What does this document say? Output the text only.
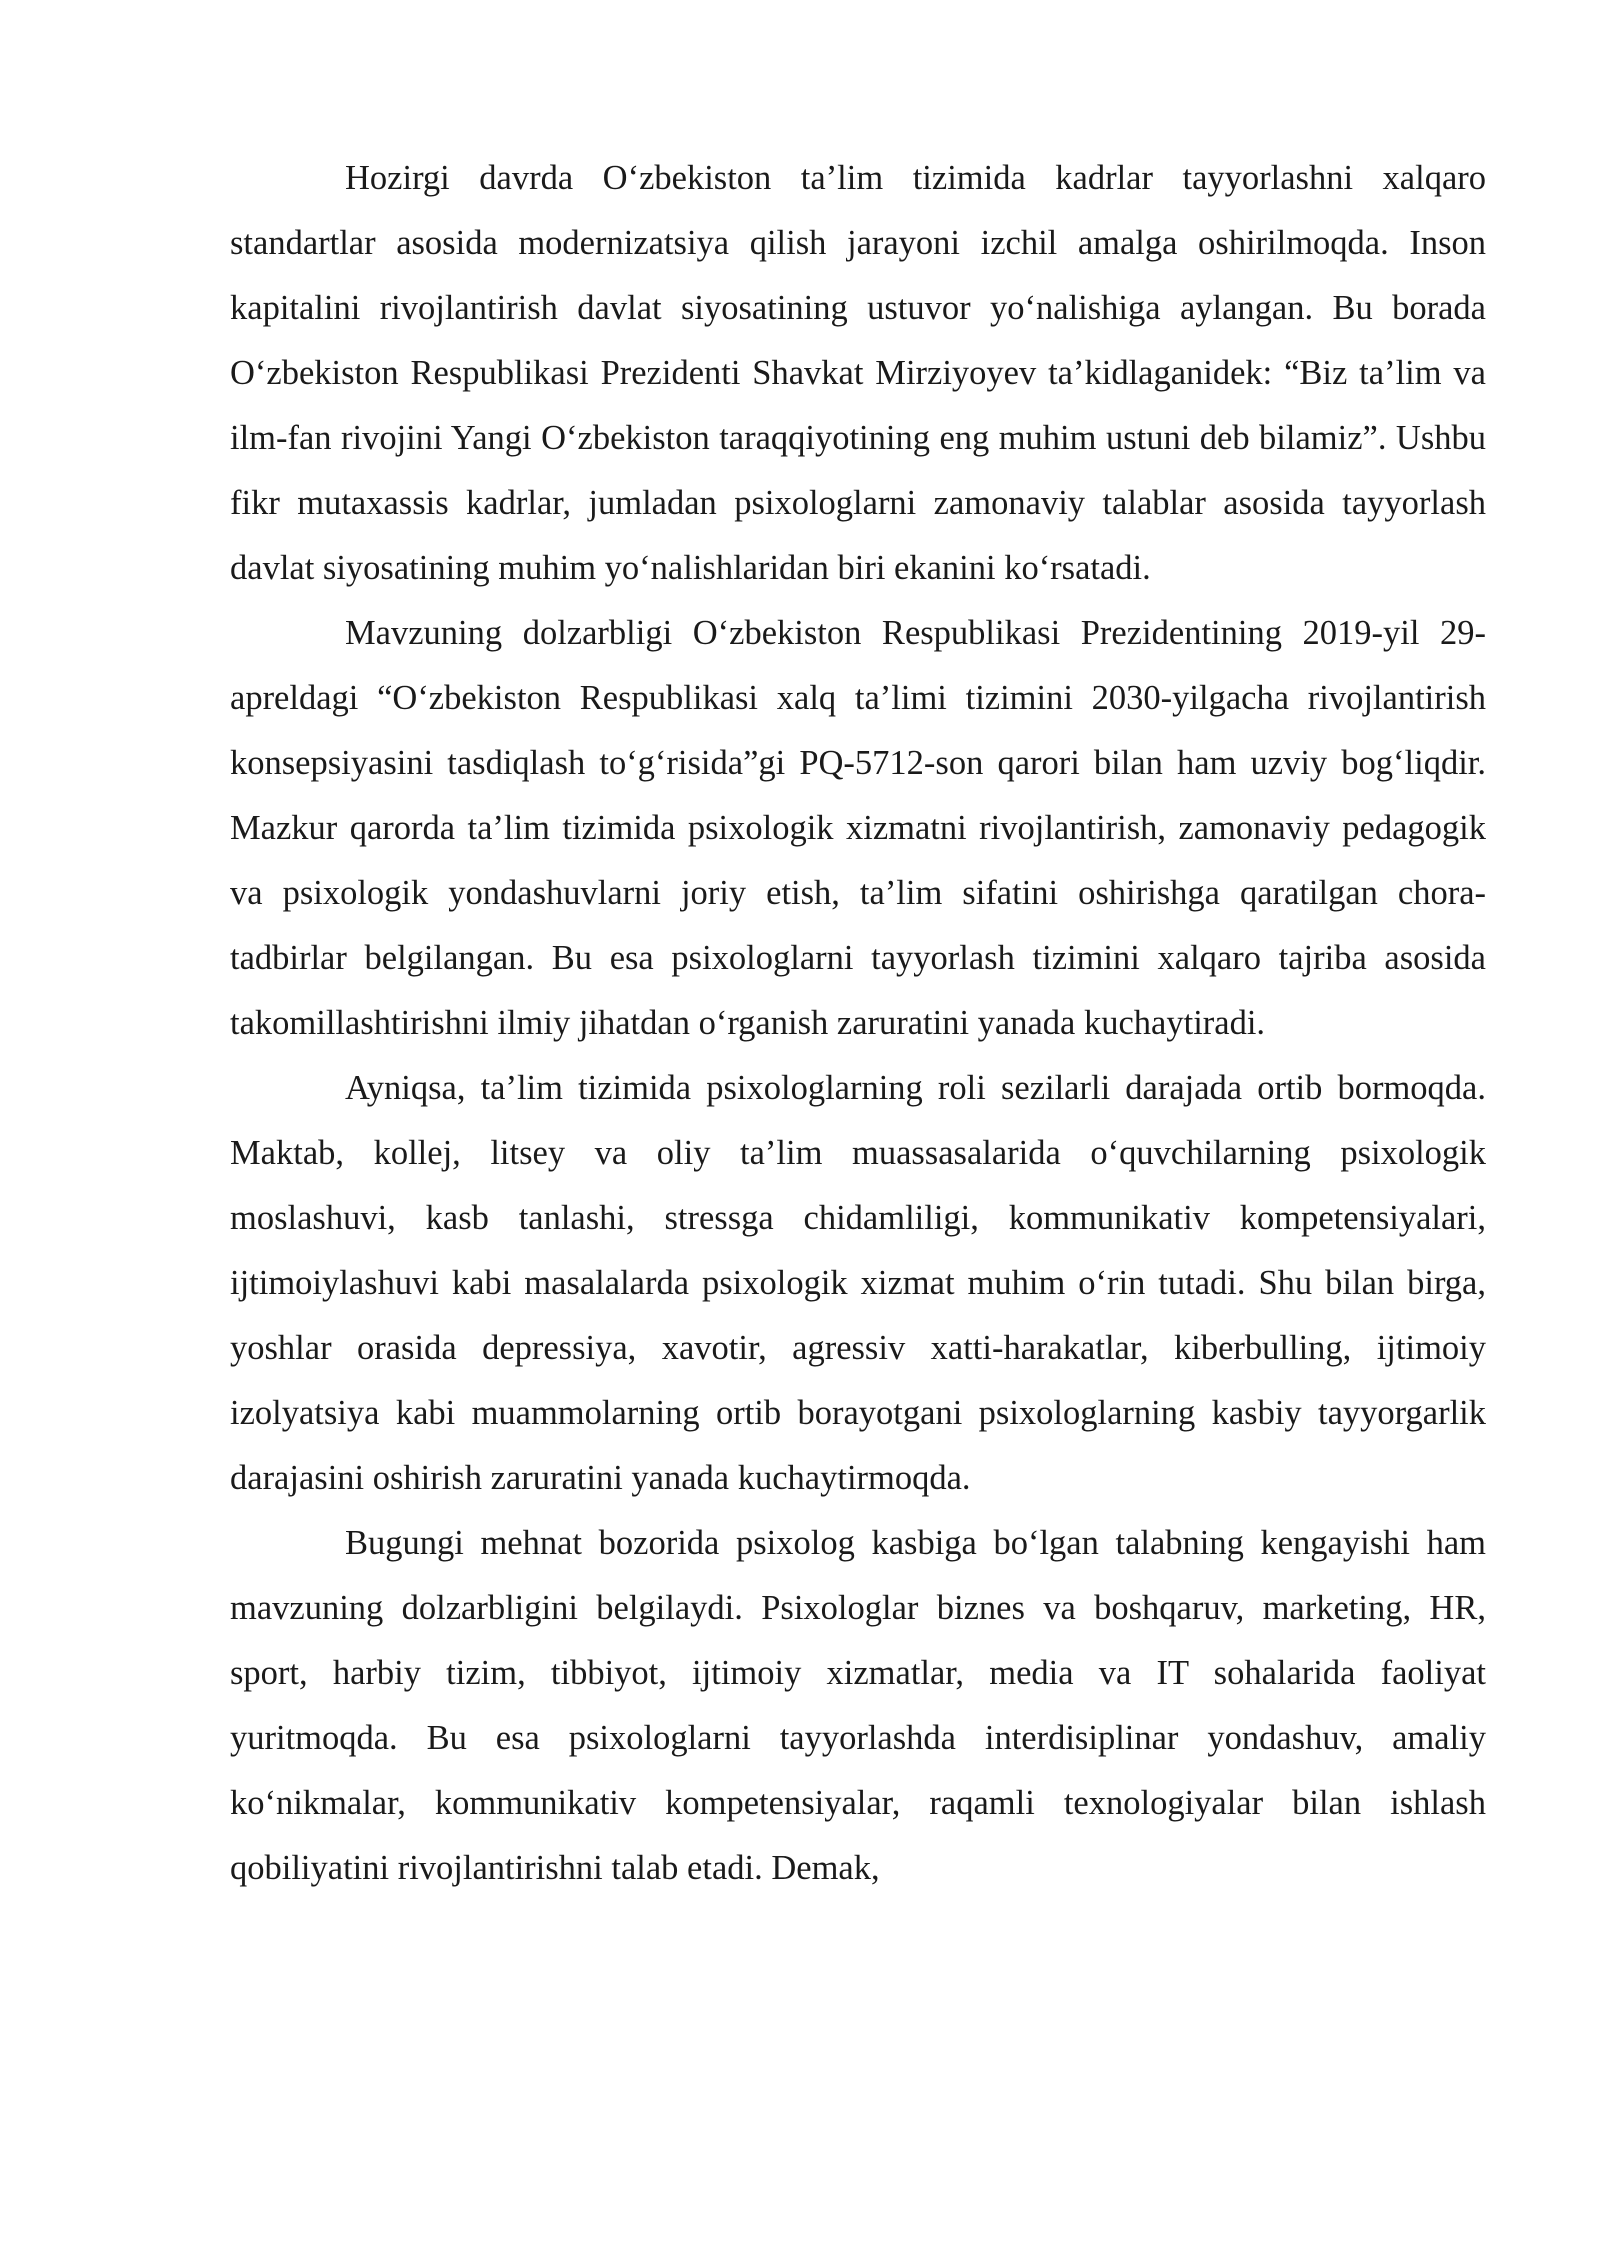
Hozirgi davrda O‘zbekiston ta’lim tizimida kadrlar tayyorlashni xalqaro standartlar asosida modernizatsiya qilish jarayoni izchil amalga oshirilmoqda. Inson kapitalini rivojlantirish davlat siyosatining ustuvor yo‘nalishiga aylangan. Bu borada O‘zbekiston Respublikasi Prezidenti Shavkat Mirziyoyev ta’kidlaganidek: “Biz ta’lim va ilm-fan rivojini Yangi O‘zbekiston taraqqiyotining eng muhim ustuni deb bilamiz”. Ushbu fikr mutaxassis kadrlar, jumladan psixologlarni zamonaviy talablar asosida tayyorlash davlat siyosatining muhim yo‘nalishlaridan biri ekanini ko‘rsatadi.

Mavzuning dolzarbligi O‘zbekiston Respublikasi Prezidentining 2019-yil 29-apreldagi “O‘zbekiston Respublikasi xalq ta’limi tizimini 2030-yilgacha rivojlantirish konsepsiyasini tasdiqlash to‘g‘risida”gi PQ-5712-son qarori bilan ham uzviy bog‘liqdir. Mazkur qarorda ta’lim tizimida psixologik xizmatni rivojlantirish, zamonaviy pedagogik va psixologik yondashuvlarni joriy etish, ta’lim sifatini oshirishga qaratilgan chora-tadbirlar belgilangan. Bu esa psixologlarni tayyorlash tizimini xalqaro tajriba asosida takomillashtirishni ilmiy jihatdan o‘rganish zaruratini yanada kuchaytiradi.

Ayniqsa, ta’lim tizimida psixologlarning roli sezilarli darajada ortib bormoqda. Maktab, kollej, litsey va oliy ta’lim muassasalarida o‘quvchilarning psixologik moslashuvi, kasb tanlashi, stressga chidamliligi, kommunikativ kompetensiyalari, ijtimoiylashuvi kabi masalalarda psixologik xizmat muhim o‘rin tutadi. Shu bilan birga, yoshlar orasida depressiya, xavotir, agressiv xatti-harakatlar, kiberbulling, ijtimoiy izolyatsiya kabi muammolarning ortib borayotgani psixologlarning kasbiy tayyorgarlik darajasini oshirish zaruratini yanada kuchaytirmoqda.

Bugungi mehnat bozorida psixolog kasbiga bo‘lgan talabning kengayishi ham mavzuning dolzarbligini belgilaydi. Psixologlar biznes va boshqaruv, marketing, HR, sport, harbiy tizim, tibbiyot, ijtimoiy xizmatlar, media va IT sohalarida faoliyat yuritmoqda. Bu esa psixologlarni tayyorlashda interdisiplinar yondashuv, amaliy ko‘nikmalar, kommunikativ kompetensiyalar, raqamli texnologiyalar bilan ishlash qobiliyatini rivojlantirishni talab etadi. Demak,
